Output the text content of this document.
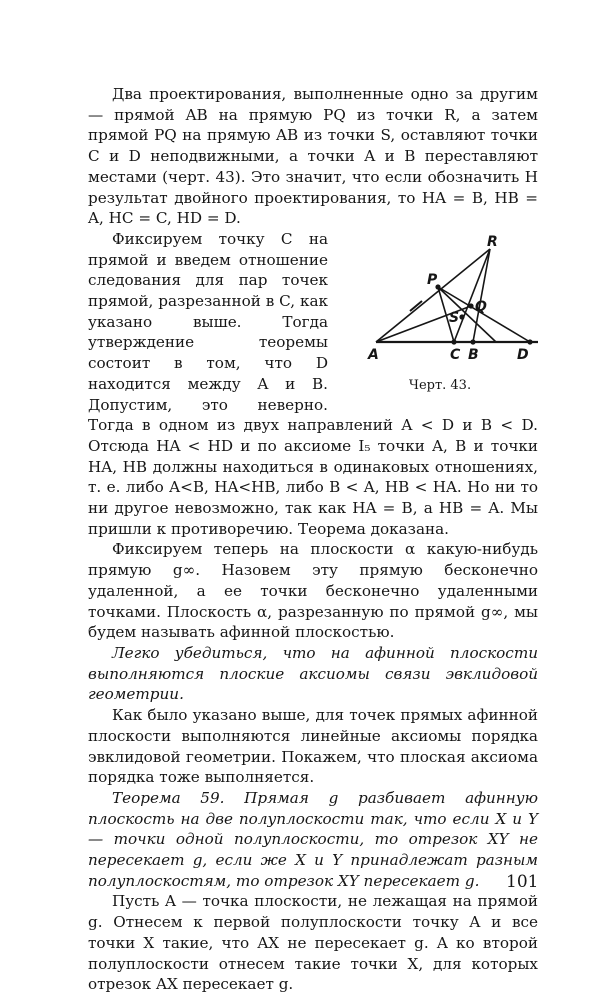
Два проектирования, выполненные одно за другим — прямой AB на прямую PQ из точки R, а затем прямой PQ на прямую AB из точки S, оставляют точки C и D неподвижными, а точки A и B переставляют местами (черт. 43). Это значит, что если обозначить H результат двойного проектирования, то HA = B, HB = A, HC = C, HD = D.

A	C B	D
P
Q
S
R
Черт. 43.
Фиксируем точку C на прямой и введем отношение следования для пар точек прямой, разрезанной в C, как указано выше. Тогда утверждение теоремы состоит в том, что D находится между A и B. Допустим, это неверно. Тогда в одном из двух направлений A < D и B < D. Отсюда HA < HD и по аксиоме I₅ точки A, B и точки HA, HB должны находиться в одинаковых отношениях, т. е. либо A<B, HA<HB, либо B < A, HB < HA. Но ни то ни другое невозможно, так как HA = B, а HB = A. Мы пришли к противоречию. Теорема доказана.

Фиксируем теперь на плоскости α какую-нибудь прямую g∞. Назовем эту прямую бесконечно удаленной, а ее точки бесконечно удаленными точками. Плоскость α, разрезанную по прямой g∞, мы будем называть афинной плоскостью.

Легко убедиться, что на афинной плоскости выполняются плоские аксиомы связи эвклидовой геометрии.

Как было указано выше, для точек прямых афинной плоскости выполняются линейные аксиомы порядка эвклидовой геометрии. Покажем, что плоская аксиома порядка тоже выполняется.

Теорема 59. Прямая g разбивает афинную плоскость на две полуплоскости так, что если X и Y — точки одной полуплоскости, то отрезок XY не пересекает g, если же X и Y принадлежат разным полуплоскостям, то отрезок XY пересекает g.

Пусть A — точка плоскости, не лежащая на прямой g. Отнесем к первой полуплоскости точку A и все точки X такие, что AX не пересекает g. A ко второй полуплоскости отнесем такие точки X, для которых отрезок AX пересекает g.

101
